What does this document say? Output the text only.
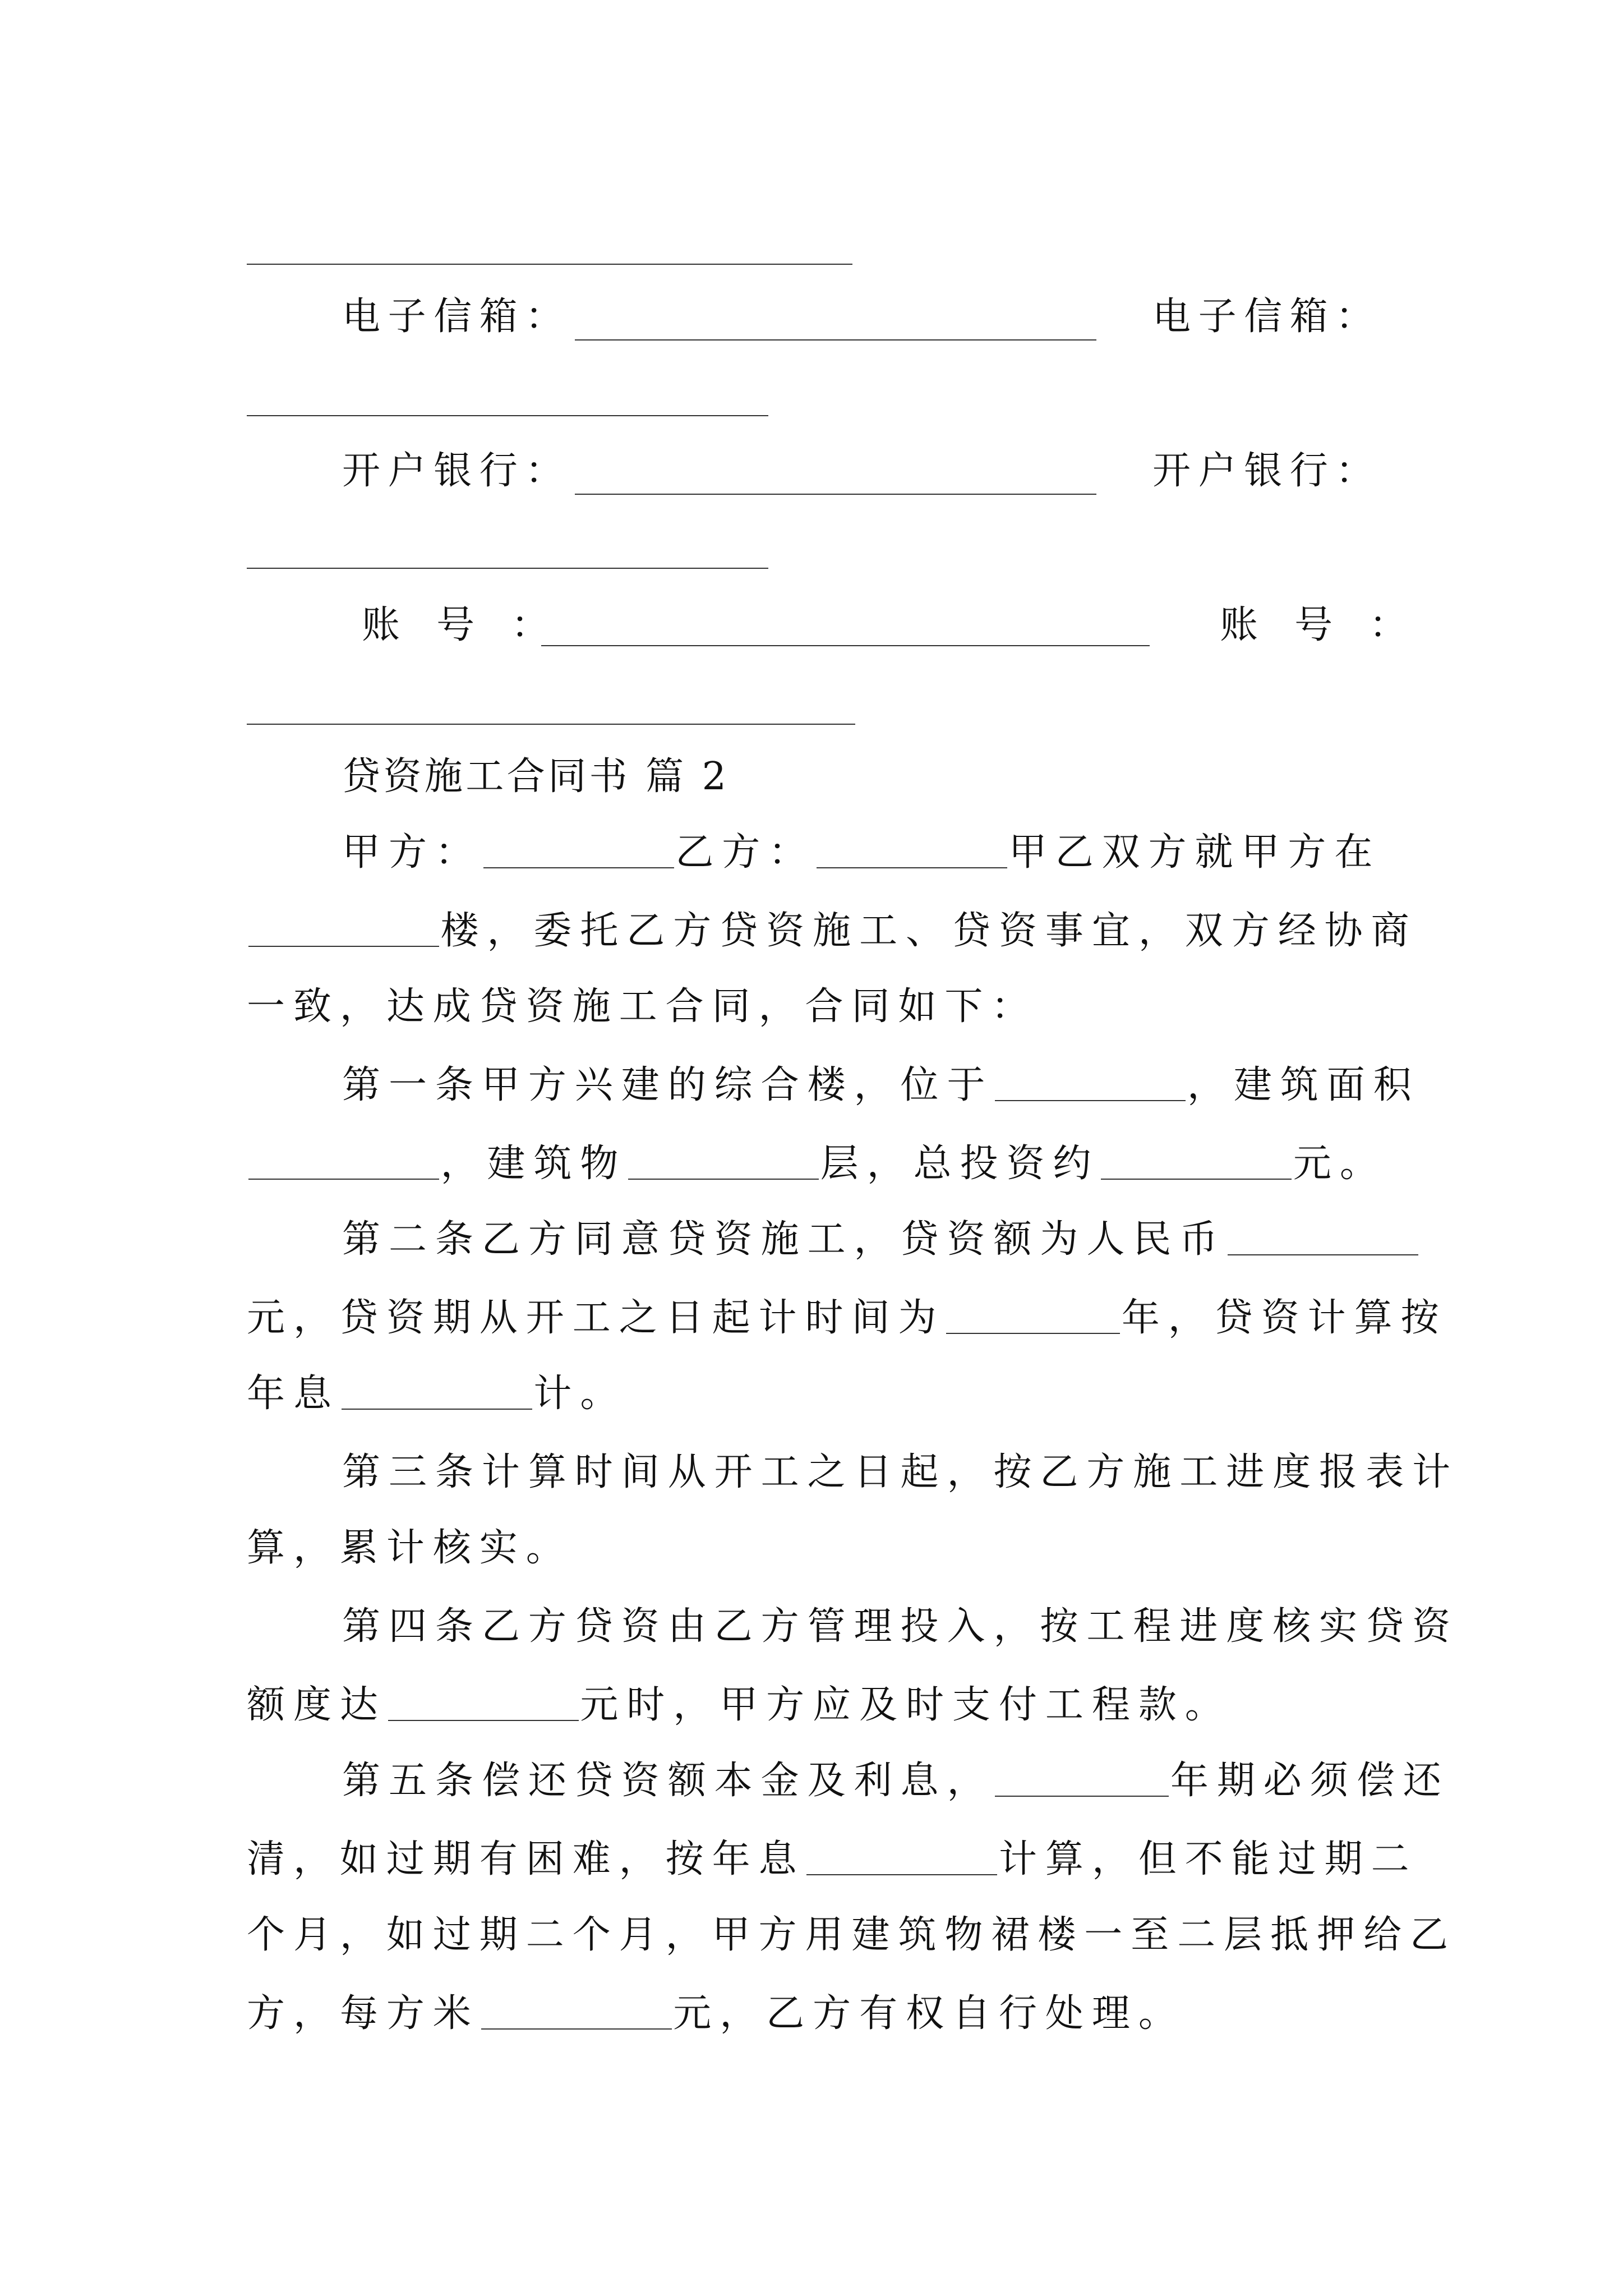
电子信箱：	电子信箱：
开户银行：	开户银行：
账 号 ：	账 号 ：
贷资施工合同书 篇 2
甲方：	乙方：	甲乙双方就甲方在
楼，委托乙方贷资施工、贷资事宜，双方经协商
一致，达成贷资施工合同，合同如下：
第一条甲方兴建的综合楼，位于	，建筑面积
，建筑物	层，总投资约	元。
第二条乙方同意贷资施工，贷资额为人民币
元，贷资期从开工之日起计时间为	年，贷资计算按
年息	计。
第三条计算时间从开工之日起，按乙方施工进度报表计
算，累计核实。
第四条乙方贷资由乙方管理投入，按工程进度核实贷资
额度达	元时，甲方应及时支付工程款。
第五条偿还贷资额本金及利息，	年期必须偿还
清，如过期有困难，按年息	计算，但不能过期二
个月，如过期二个月，甲方用建筑物裙楼一至二层抵押给乙
方，每方米	元，乙方有权自行处理。
